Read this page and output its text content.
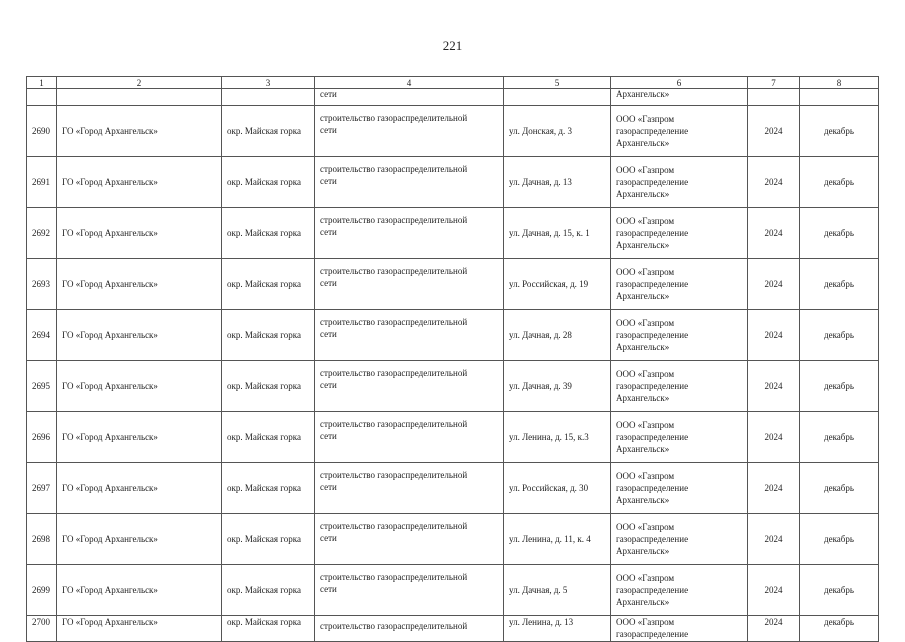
221
1	2	3	4	5	6	7	8
			сети		Архангельск»		
2690	ГО «Город Архангельск»	окр. Майская горка	строительство газораспределительной
сети	ул. Донская, д. 3	ООО «Газпром
газораспределение
Архангельск»	2024	декабрь
2691	ГО «Город Архангельск»	окр. Майская горка	строительство газораспределительной
сети	ул. Дачная, д. 13	ООО «Газпром
газораспределение
Архангельск»	2024	декабрь
2692	ГО «Город Архангельск»	окр. Майская горка	строительство газораспределительной
сети	ул. Дачная, д. 15, к. 1	ООО «Газпром
газораспределение
Архангельск»	2024	декабрь
2693	ГО «Город Архангельск»	окр. Майская горка	строительство газораспределительной
сети	ул. Российская, д. 19	ООО «Газпром
газораспределение
Архангельск»	2024	декабрь
2694	ГО «Город Архангельск»	окр. Майская горка	строительство газораспределительной
сети	ул. Дачная, д. 28	ООО «Газпром
газораспределение
Архангельск»	2024	декабрь
2695	ГО «Город Архангельск»	окр. Майская горка	строительство газораспределительной
сети	ул. Дачная, д. 39	ООО «Газпром
газораспределение
Архангельск»	2024	декабрь
2696	ГО «Город Архангельск»	окр. Майская горка	строительство газораспределительной
сети	ул. Ленина, д. 15, к.3	ООО «Газпром
газораспределение
Архангельск»	2024	декабрь
2697	ГО «Город Архангельск»	окр. Майская горка	строительство газораспределительной
сети	ул. Российская, д. 30	ООО «Газпром
газораспределение
Архангельск»	2024	декабрь
2698	ГО «Город Архангельск»	окр. Майская горка	строительство газораспределительной
сети	ул. Ленина, д. 11, к. 4	ООО «Газпром
газораспределение
Архангельск»	2024	декабрь
2699	ГО «Город Архангельск»	окр. Майская горка	строительство газораспределительной
сети	ул. Дачная, д. 5	ООО «Газпром
газораспределение
Архангельск»	2024	декабрь
2700	ГО «Город Архангельск»	окр. Майская горка	строительство газораспределительной	ул. Ленина, д. 13	ООО «Газпром
газораспределение	2024	декабрь
